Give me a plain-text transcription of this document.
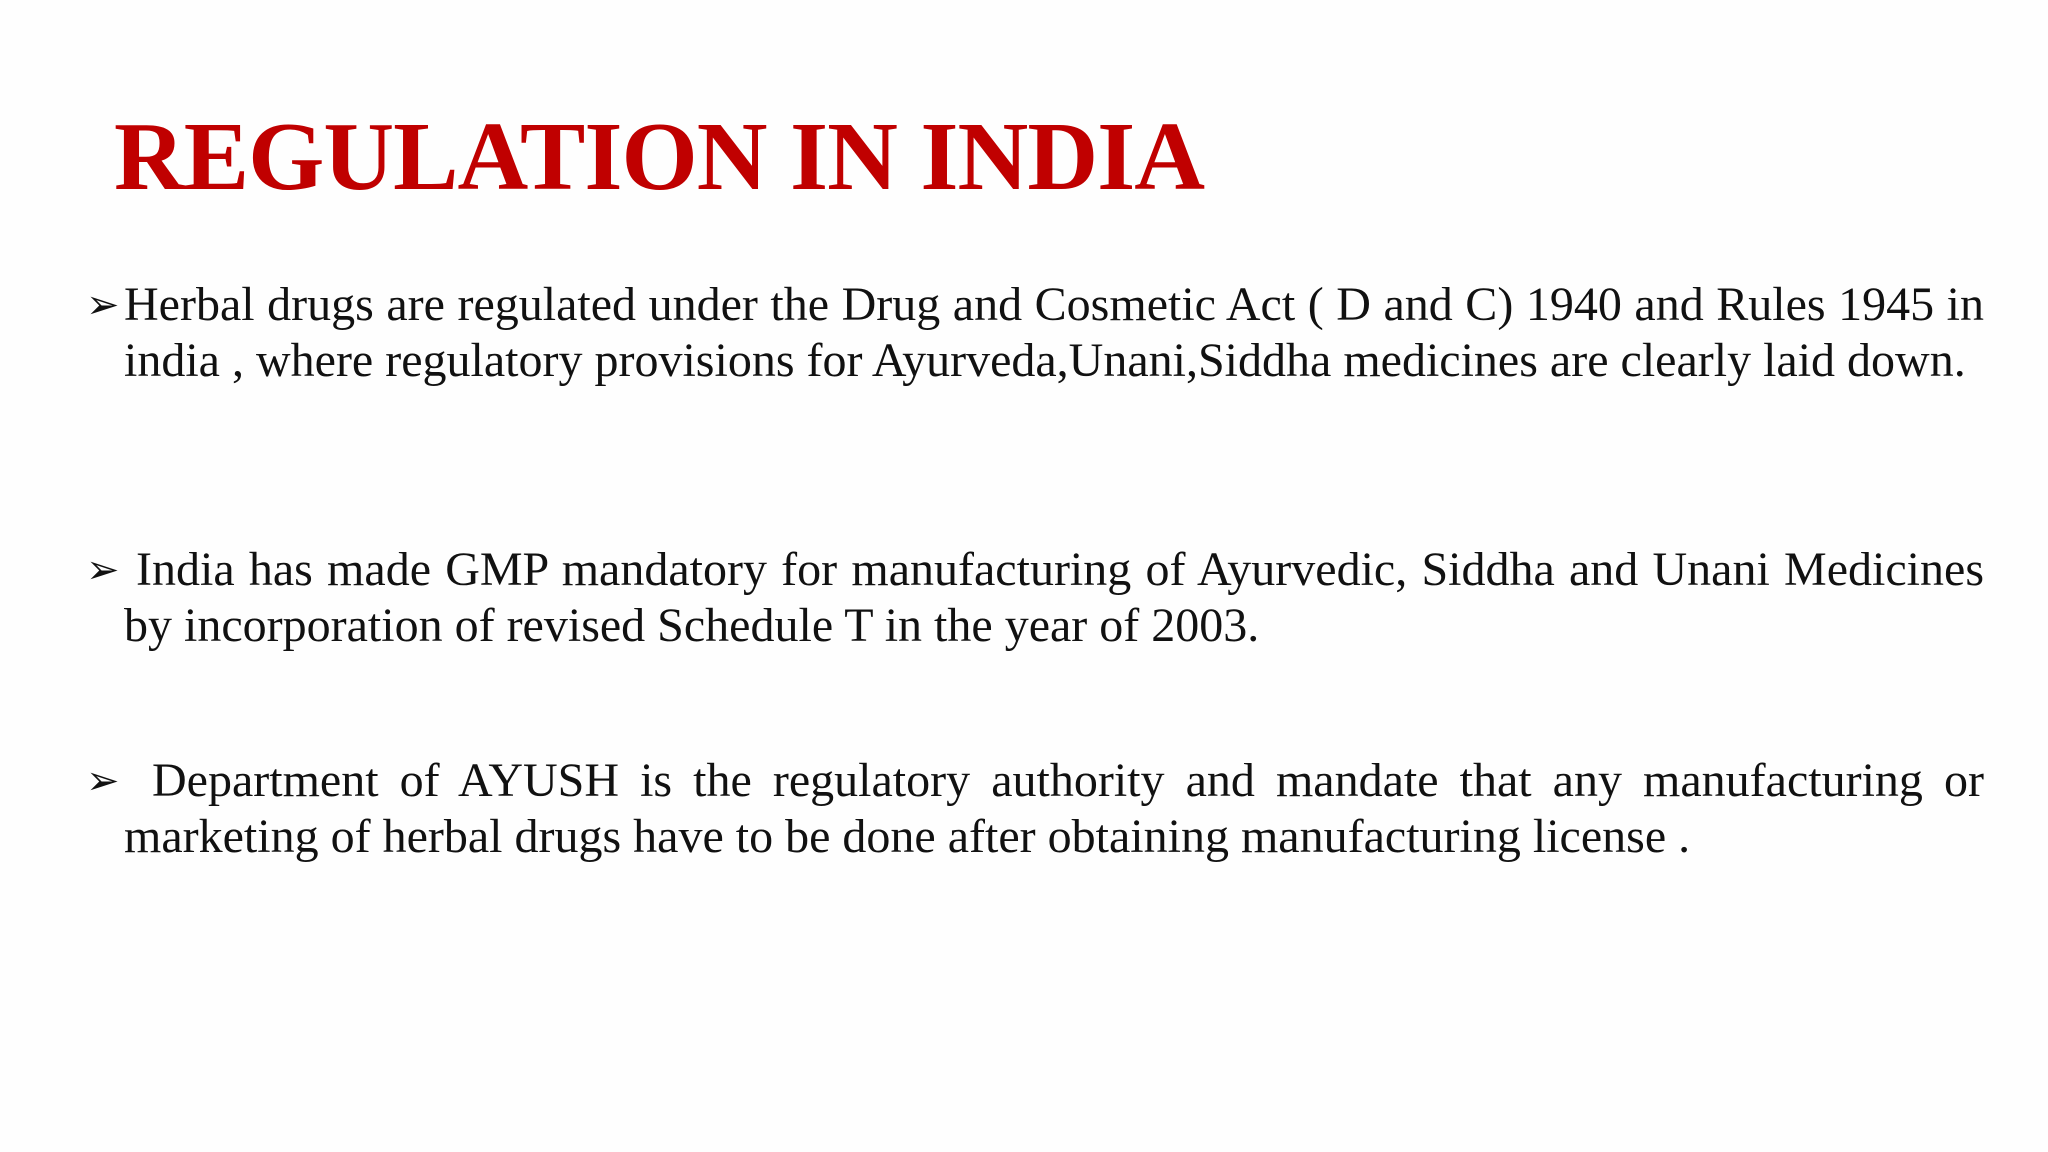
REGULATION IN INDIA
➢ Herbal drugs are regulated under the Drug and Cosmetic Act ( D and C) 1940 and Rules 1945 in india , where regulatory provisions for Ayurveda,Unani,Siddha medicines are clearly laid down.
➢ India has made GMP mandatory for manufacturing of Ayurvedic, Siddha and Unani Medicines by incorporation of revised Schedule T in the year of 2003.
➢ Department of AYUSH is the regulatory authority and mandate that any manufacturing or marketing of herbal drugs have to be done after obtaining manufacturing license .
